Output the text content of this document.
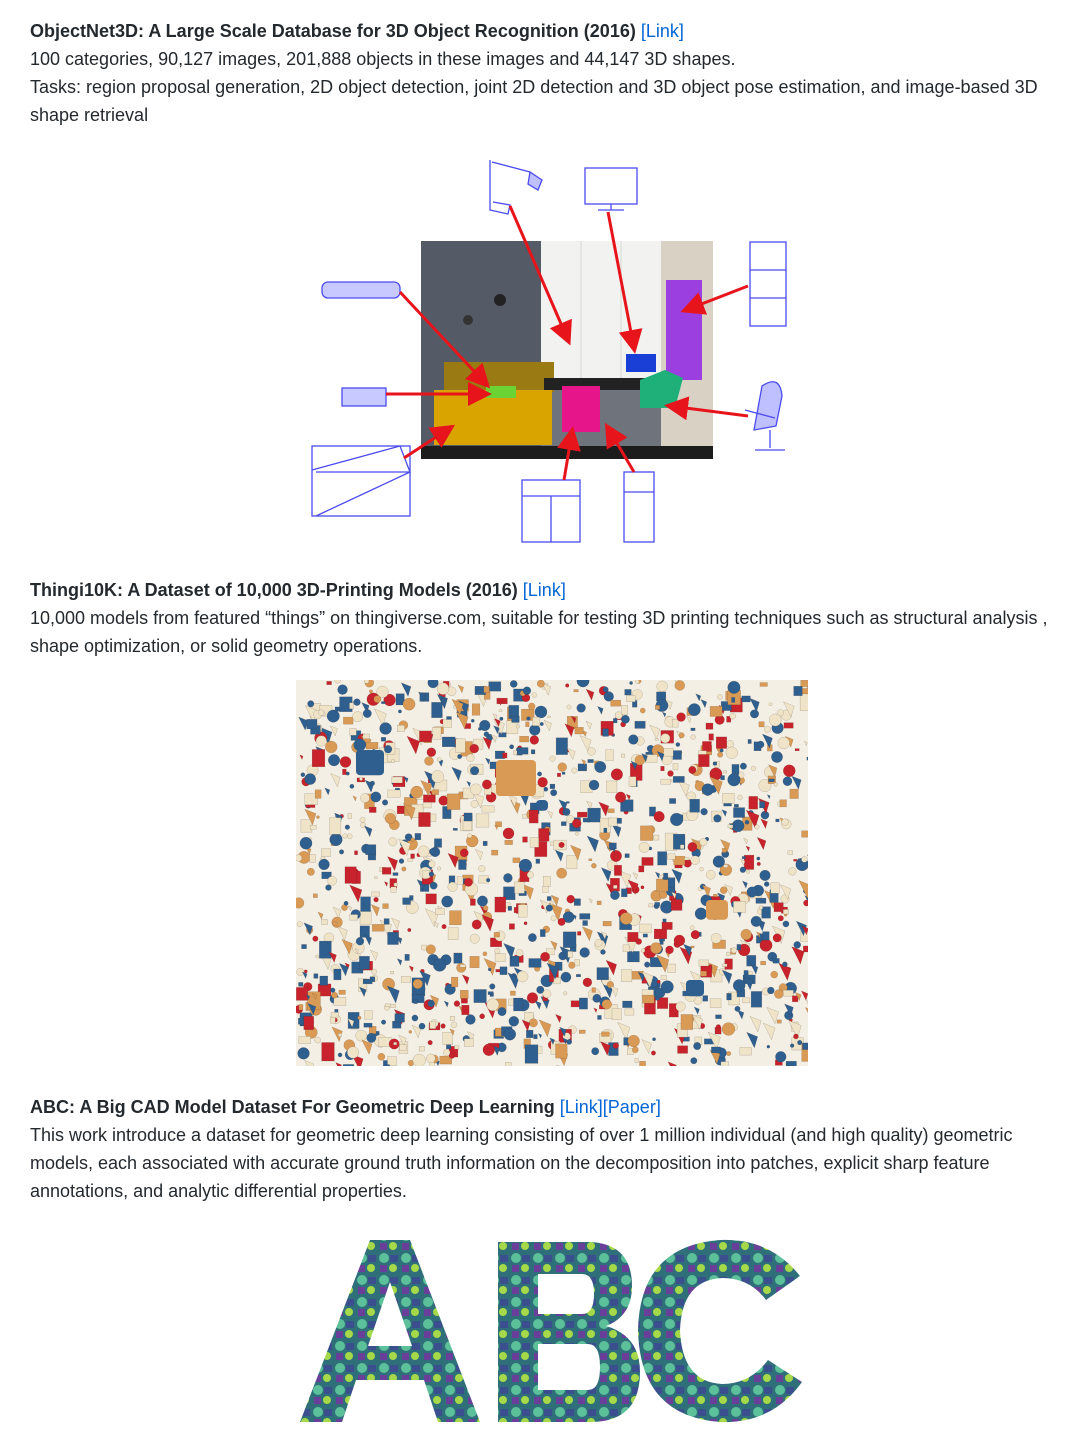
ObjectNet3D: A Large Scale Database for 3D Object Recognition (2016) [Link]
100 categories, 90,127 images, 201,888 objects in these images and 44,147 3D shapes.
Tasks: region proposal generation, 2D object detection, joint 2D detection and 3D object pose estimation, and image-based 3D shape retrieval
Thingi10K: A Dataset of 10,000 3D-Printing Models (2016) [Link]
10,000 models from featured “things” on thingiverse.com, suitable for testing 3D printing techniques such as structural analysis , shape optimization, or solid geometry operations.
ABC: A Big CAD Model Dataset For Geometric Deep Learning [Link][Paper]
This work introduce a dataset for geometric deep learning consisting of over 1 million individual (and high quality) geometric models, each associated with accurate ground truth information on the decomposition into patches, explicit sharp feature annotations, and analytic differential properties.
